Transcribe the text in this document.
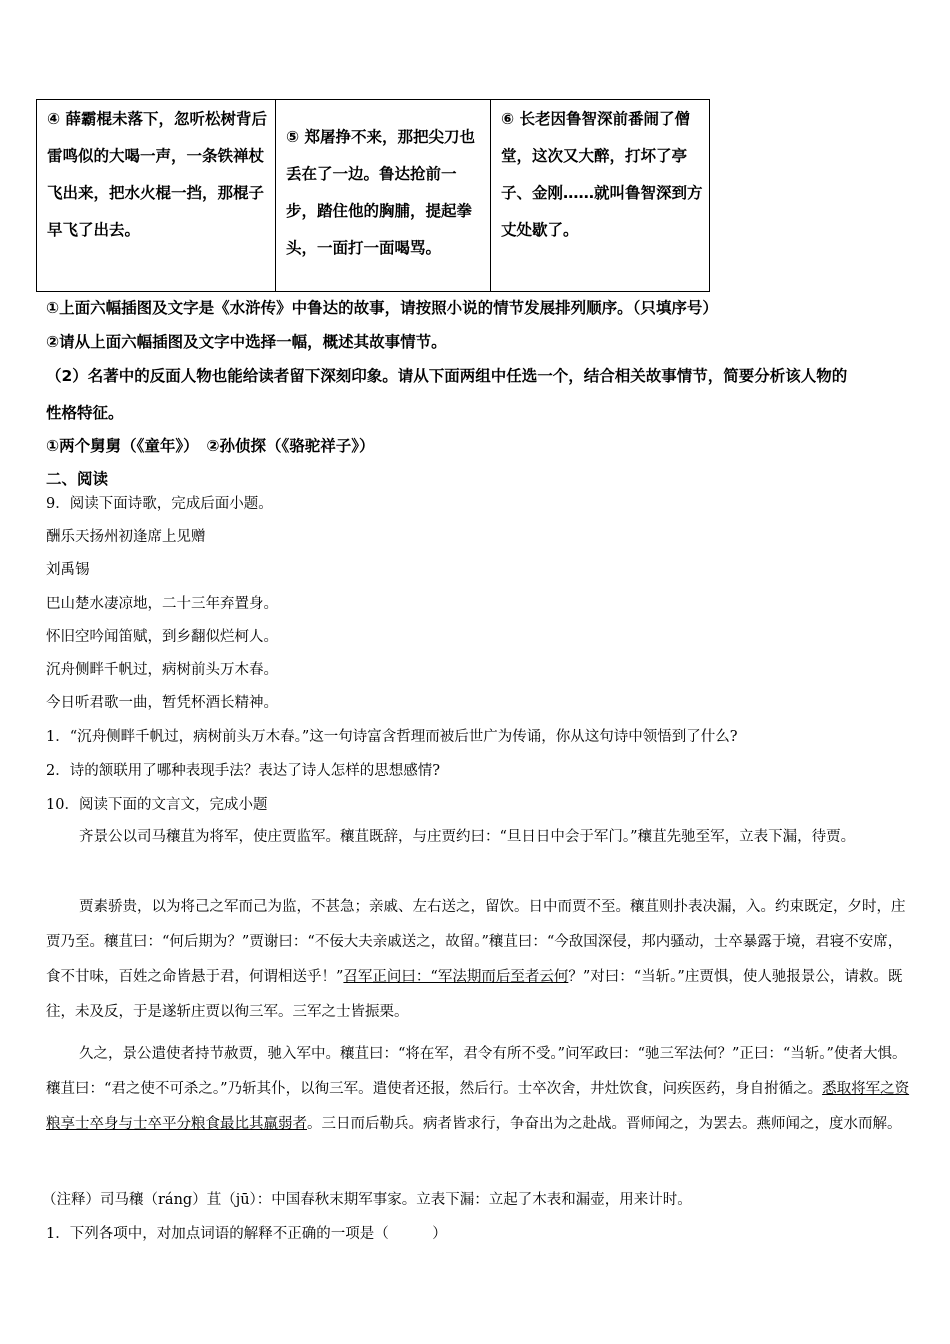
④ 薛霸棍未落下，忽听松树背后雷鸣似的大喝一声，一条铁禅杖飞出来，把水火棍一挡，那棍子早飞了出去。	⑤ 郑屠挣不来，那把尖刀也丢在了一边。鲁达抢前一步，踏住他的胸脯，提起拳头，一面打一面喝骂。	⑥ 长老因鲁智深前番闹了僧堂，这次又大醉，打坏了亭子、金刚……就叫鲁智深到方丈处歇了。
①上面六幅插图及文字是《水浒传》中鲁达的故事，请按照小说的情节发展排列顺序。（只填序号）
②请从上面六幅插图及文字中选择一幅，概述其故事情节。
（2）名著中的反面人物也能给读者留下深刻印象。请从下面两组中任选一个，结合相关故事情节，简要分析该人物的
性格特征。
①两个舅舅（《童年》）　②孙侦探（《骆驼祥子》）
二、阅读
9．阅读下面诗歌，完成后面小题。
酬乐天扬州初逢席上见赠
刘禹锡
巴山楚水凄凉地，二十三年弃置身。
怀旧空吟闻笛赋，到乡翻似烂柯人。
沉舟侧畔千帆过，病树前头万木春。
今日听君歌一曲，暂凭杯酒长精神。
1．“沉舟侧畔千帆过，病树前头万木春。”这一句诗富含哲理而被后世广为传诵，你从这句诗中领悟到了什么?
2．诗的颔联用了哪种表现手法？表达了诗人怎样的思想感情?
10．阅读下面的文言文，完成小题
齐景公以司马穰苴为将军，使庄贾监军。穰苴既辞，与庄贾约曰：“旦日日中会于军门。”穰苴先驰至军，立表下漏，待贾。
贾素骄贵，以为将己之军而己为监，不甚急；亲戚、左右送之，留饮。日中而贾不至。穰苴则扑表决漏，入。约束既定，夕时，庄贾乃至。穰苴曰：“何后期为？”贾谢曰：“不佞大夫亲戚送之，故留。”穰苴曰：“今敌国深侵，邦内骚动，士卒暴露于境，君寝不安席，食不甘味，百姓之命皆悬于君，何谓相送乎！”召军正问曰：“军法期而后至者云何？”对曰：“当斩。”庄贾惧，使人驰报景公，请救。既往，未及反，于是遂斩庄贾以徇三军。三军之士皆振栗。
久之，景公遣使者持节赦贾，驰入军中。穰苴曰：“将在军，君令有所不受。”问军政曰：“驰三军法何？”正曰：“当斩。”使者大惧。穰苴曰：“君之使不可杀之。”乃斩其仆，以徇三军。遣使者还报，然后行。士卒次舍，井灶饮食，问疾医药，身自拊循之。悉取将军之资粮享士卒身与士卒平分粮食最比其羸弱者。三日而后勒兵。病者皆求行，争奋出为之赴战。晋师闻之，为罢去。燕师闻之，度水而解。
（注释）司马穰（ráng）苴（jū）：中国春秋末期军事家。立表下漏：立起了木表和漏壶，用来计时。
1．下列各项中，对加点词语的解释不正确的一项是（　　　）
